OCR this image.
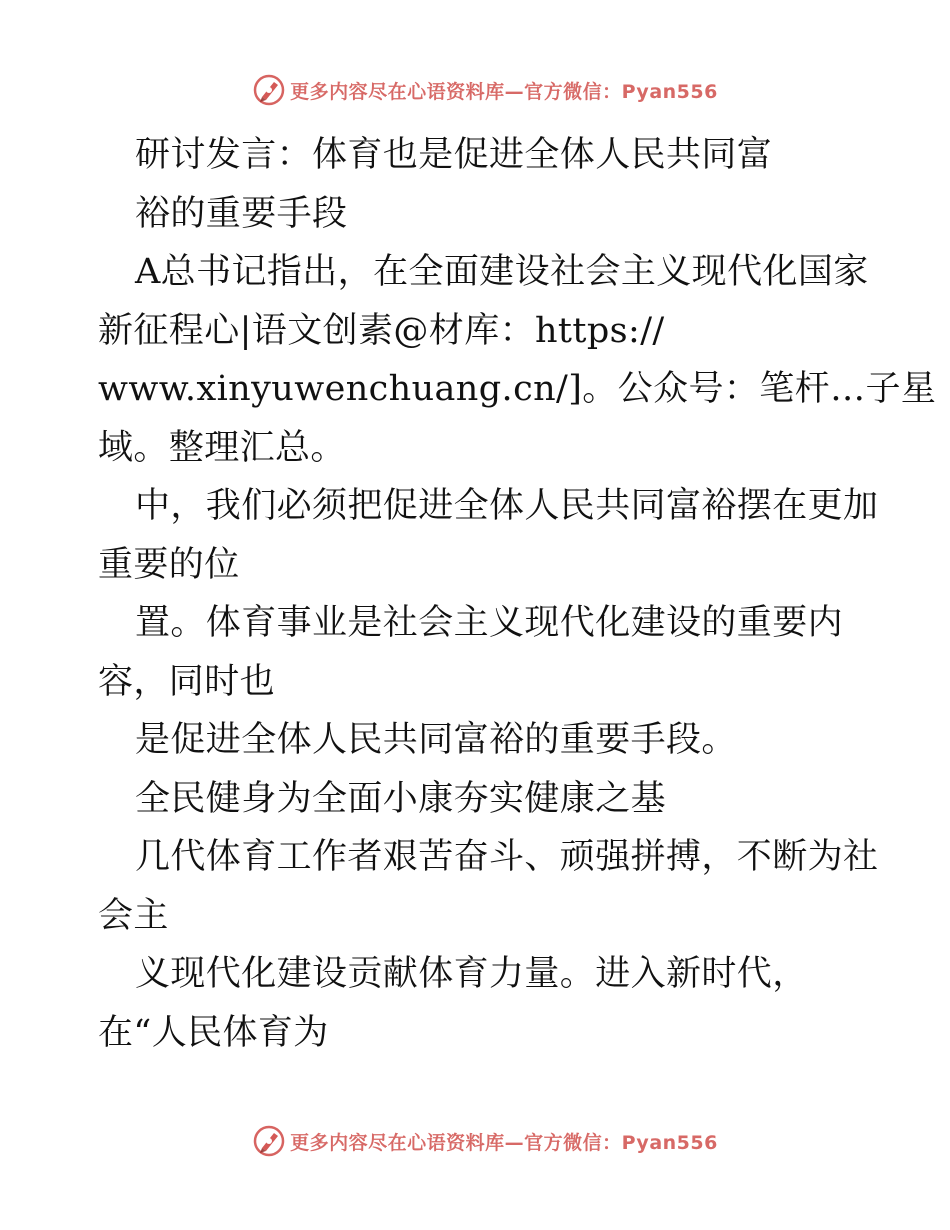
更多内容尽在心语资料库—官方微信：Pyan556
研讨发言：体育也是促进全体人民共同富
裕的重要手段
A总书记指出，在全面建设社会主义现代化国家
新征程心|语文创素@材库：https://
www.xinyuwenchuang.cn/]。公众号：笔杆…子星
域。整理汇总。
中，我们必须把促进全体人民共同富裕摆在更加
重要的位
置。体育事业是社会主义现代化建设的重要内
容，同时也
是促进全体人民共同富裕的重要手段。
全民健身为全面小康夯实健康之基
几代体育工作者艰苦奋斗、顽强拼搏，不断为社
会主
义现代化建设贡献体育力量。进入新时代，
在“人民体育为
更多内容尽在心语资料库—官方微信：Pyan556
